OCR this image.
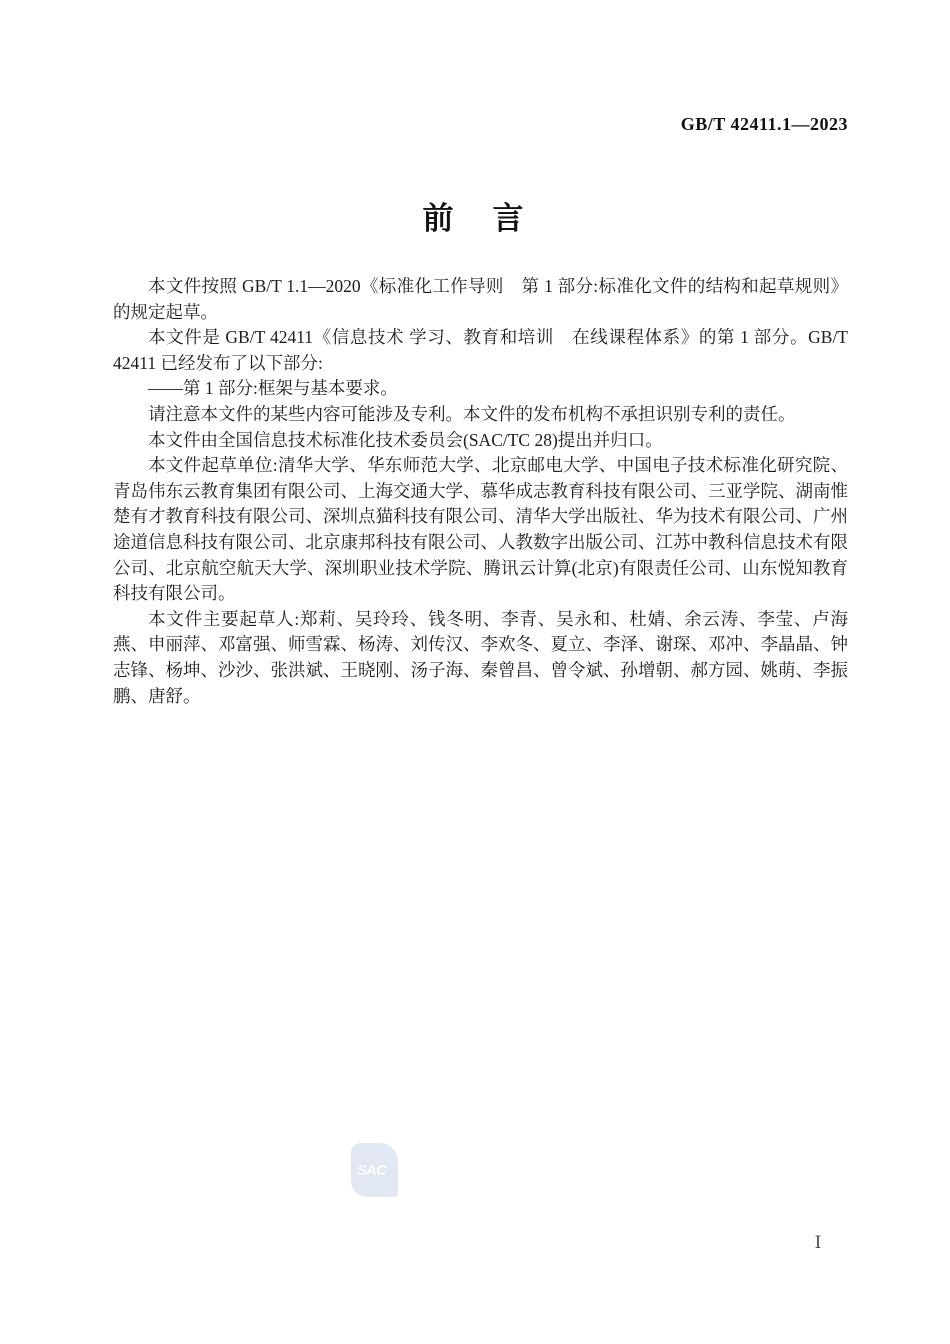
GB/T 42411.1—2023
前　言

本文件按照 GB/T 1.1—2020《标准化工作导则　第 1 部分:标准化文件的结构和起草规则》的规定起草。

本文件是 GB/T 42411《信息技术 学习、教育和培训　在线课程体系》的第 1 部分。GB/T 42411 已经发布了以下部分:

——第 1 部分:框架与基本要求。

请注意本文件的某些内容可能涉及专利。本文件的发布机构不承担识别专利的责任。

本文件由全国信息技术标准化技术委员会(SAC/TC 28)提出并归口。

本文件起草单位:清华大学、华东师范大学、北京邮电大学、中国电子技术标准化研究院、青岛伟东云教育集团有限公司、上海交通大学、慕华成志教育科技有限公司、三亚学院、湖南惟楚有才教育科技有限公司、深圳点猫科技有限公司、清华大学出版社、华为技术有限公司、广州途道信息科技有限公司、北京康邦科技有限公司、人教数字出版公司、江苏中教科信息技术有限公司、北京航空航天大学、深圳职业技术学院、腾讯云计算(北京)有限责任公司、山东悦知教育科技有限公司。

本文件主要起草人:郑莉、吴玲玲、钱冬明、李青、吴永和、杜婧、余云涛、李莹、卢海燕、申丽萍、邓富强、师雪霖、杨涛、刘传汉、李欢冬、夏立、李泽、谢琛、邓冲、李晶晶、钟志锋、杨坤、沙沙、张洪斌、王晓刚、汤子海、秦曾昌、曾令斌、孙增朝、郝方园、姚萌、李振鹏、唐舒。

SAC
Ⅰ
